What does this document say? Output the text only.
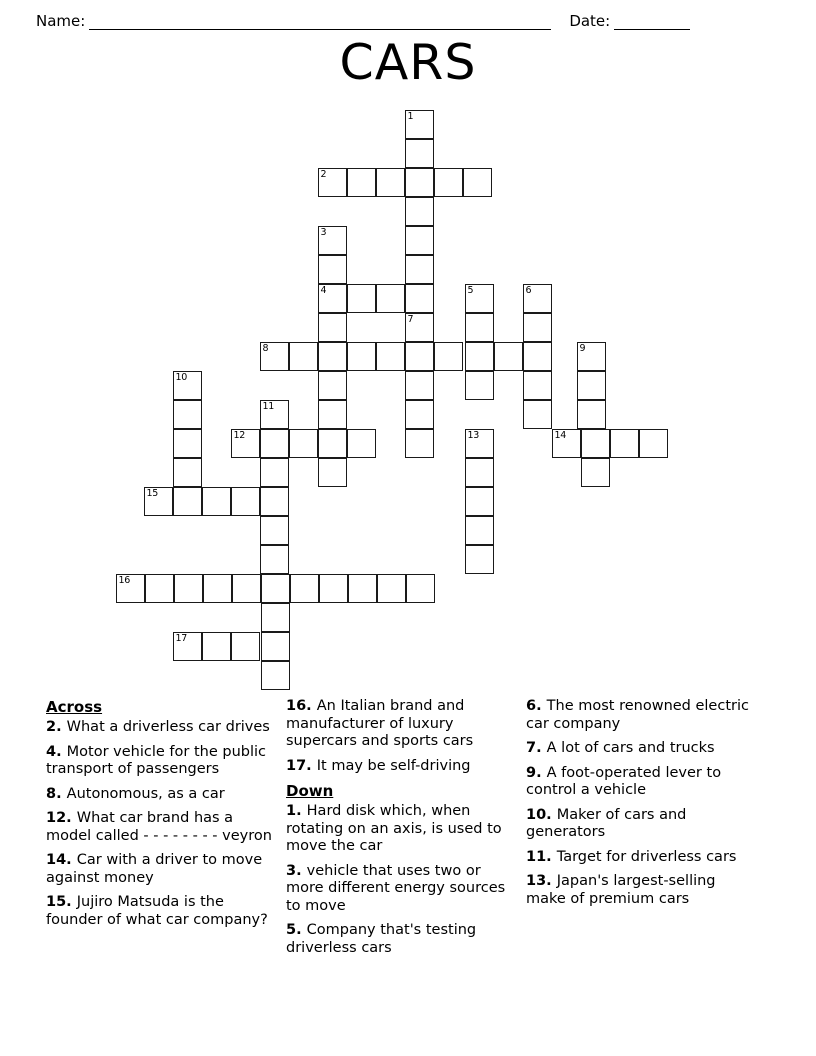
Name:	Date:
CARS
1
2
3
4	5	6
7
8	9
10
11
12	13	14
15
16
17
Across
2. What a driverless car drives
4. Motor vehicle for the public transport of passengers
8. Autonomous, as a car
12. What car brand has a model called - - - - - - - - veyron
14. Car with a driver to move against money
15. Jujiro Matsuda is the founder of what car company?
16. An Italian brand and manufacturer of luxury supercars and sports cars
17. It may be self-driving
Down
1. Hard disk which, when rotating on an axis, is used to move the car
3. vehicle that uses two or more different energy sources to move
5. Company that's testing driverless cars
6. The most renowned electric car company
7. A lot of cars and trucks
9. A foot-operated lever to control a vehicle
10. Maker of cars and generators
11. Target for driverless cars
13. Japan's largest-selling make of premium cars
